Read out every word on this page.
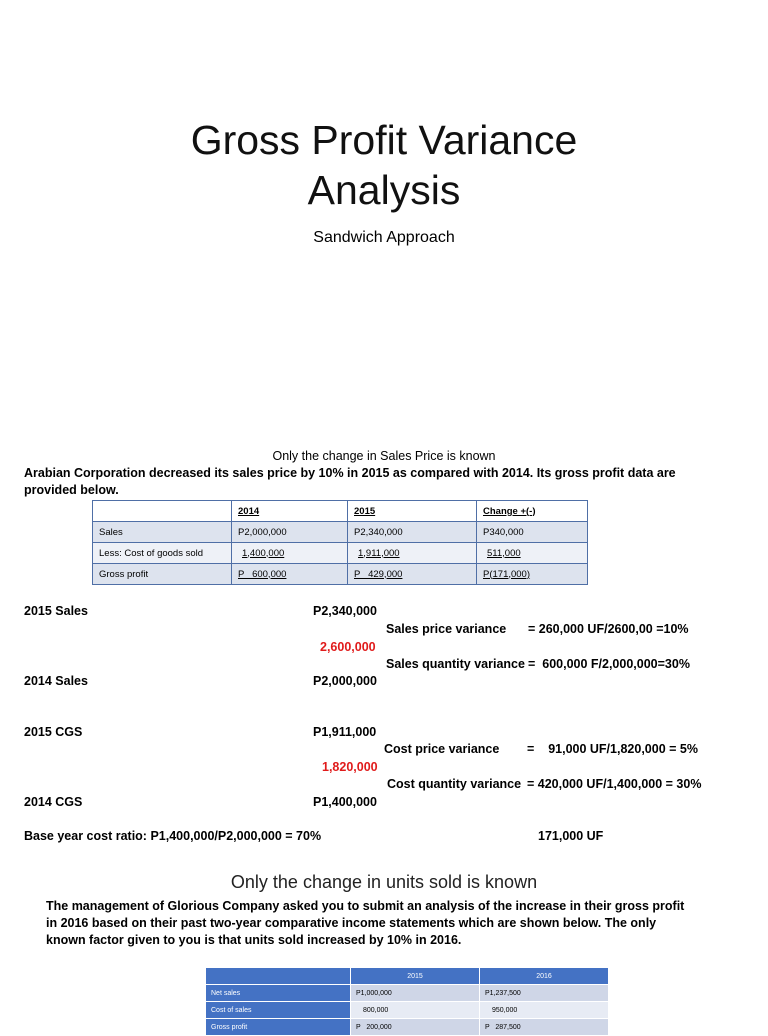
Gross Profit Variance
Analysis
Sandwich Approach
Only the change in Sales Price is known
Arabian Corporation decreased its sales price by 10% in 2015 as compared with 2014. Its gross profit data are provided below.
	2014	2015	Change +(-)
Sales	P2,000,000	P2,340,000	P340,000
Less: Cost of goods sold	1,400,000	1,911,000	511,000
Gross profit	P   600,000	P   429,000	P(171,000)
2015 Sales	P2,340,000
Sales price variance = 260,000 UF/2600,00 =10%
2,600,000
Sales quantity variance =  600,000 F/2,000,000=30%
2014 Sales	P2,000,000
2015 CGS	P1,911,000
Cost price variance =    91,000 UF/1,820,000 = 5%
1,820,000
Cost quantity variance = 420,000 UF/1,400,000 = 30%
2014 CGS	P1,400,000
Base year cost ratio: P1,400,000/P2,000,000 = 70%	171,000 UF
Only the change in units sold is known
The management of Glorious Company asked you to submit an analysis of the increase in their gross profit in 2016 based on their past two-year comparative income statements which are shown below. The only known factor given to you is that units sold increased by 10% in 2016.
	2015	2016
Net sales	P1,000,000	P1,237,500
Cost of sales	800,000	950,000
Gross profit	P   200,000	P   287,500
